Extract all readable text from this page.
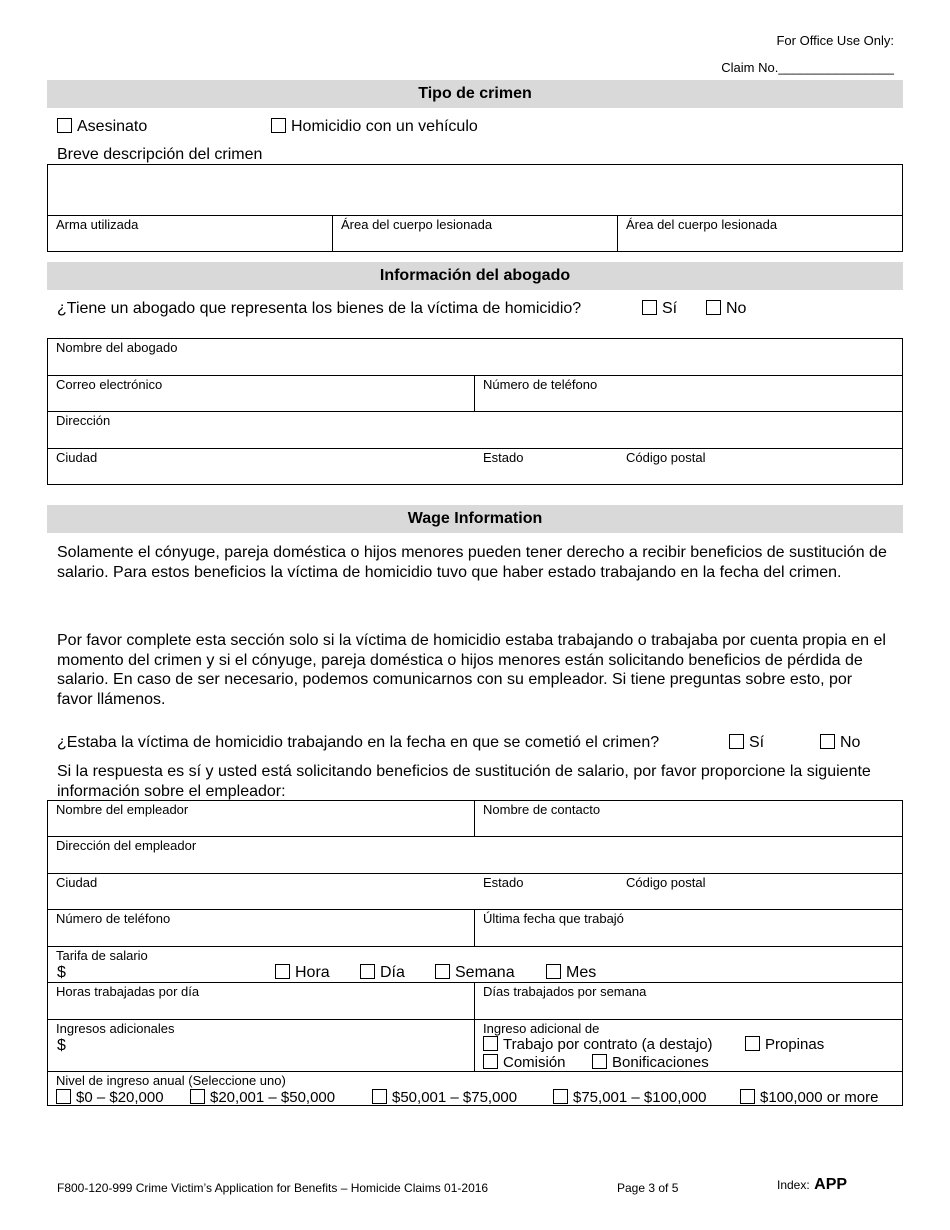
For Office Use Only:
Claim No.________________
Tipo de crimen
Asesinato	Homicidio con un vehículo
Breve descripción del crimen
Arma utilizada	Área del cuerpo lesionada	Área del cuerpo lesionada
Información del abogado
¿Tiene un abogado que representa los bienes de la víctima de homicidio?	Sí	No
Nombre del abogado
Correo electrónico	Número de teléfono
Dirección
Ciudad	Estado	Código postal
Wage Information
Solamente el cónyuge, pareja doméstica o hijos menores pueden tener derecho a recibir beneficios de sustitución de salario. Para estos beneficios la víctima de homicidio tuvo que haber estado trabajando en la fecha del crimen.
Por favor complete esta sección solo si la víctima de homicidio estaba trabajando o trabajaba por cuenta propia en el momento del crimen y si el cónyuge, pareja doméstica o hijos menores están solicitando beneficios de pérdida de salario. En caso de ser necesario, podemos comunicarnos con su empleador. Si tiene preguntas sobre esto, por favor llámenos.
¿Estaba la víctima de homicidio trabajando en la fecha en que se cometió el crimen?	Sí	No
Si la respuesta es sí y usted está solicitando beneficios de sustitución de salario, por favor proporcione la siguiente información sobre el empleador:
Nombre del empleador	Nombre de contacto
Dirección del empleador
Ciudad	Estado	Código postal
Número de teléfono	Última fecha que trabajó
Tarifa de salario
$	Hora	Día	Semana	Mes
Horas trabajadas por día	Días trabajados por semana
Ingresos adicionales
$
Ingreso adicional de
Trabajo por contrato (a destajo)	Propinas
Comisión	Bonificaciones
Nivel de ingreso anual (Seleccione uno)
$0 – $20,000	$20,001 – $50,000	$50,001 – $75,000	$75,001 – $100,000	$100,000 or more
F800-120-999 Crime Victim’s Application for Benefits – Homicide Claims 01-2016	Page 3 of 5	Index: APP
